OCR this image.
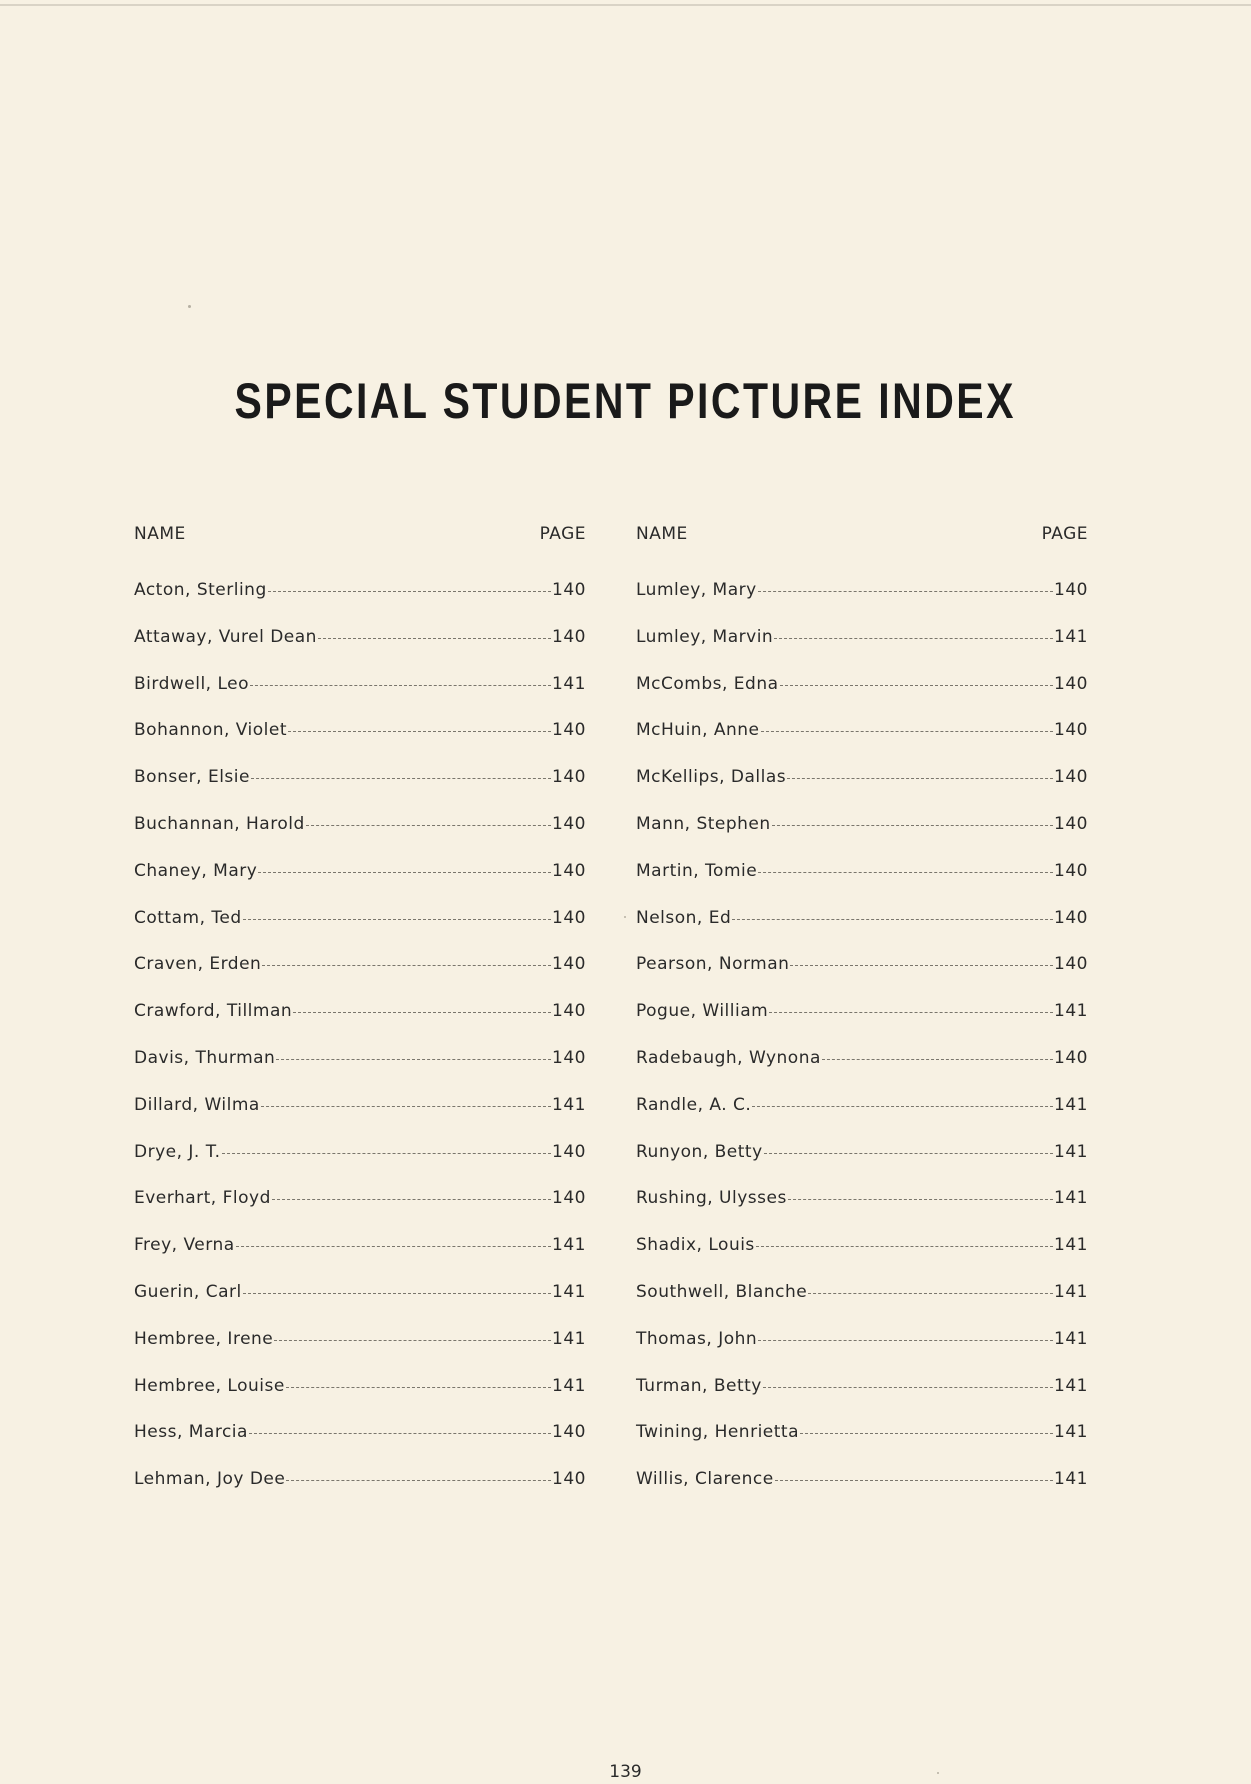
SPECIAL STUDENT PICTURE INDEX
NAME	PAGE
Acton, Sterling	140
Attaway, Vurel Dean	140
Birdwell, Leo	141
Bohannon, Violet	140
Bonser, Elsie	140
Buchannan, Harold	140
Chaney, Mary	140
Cottam, Ted	140
Craven, Erden	140
Crawford, Tillman	140
Davis, Thurman	140
Dillard, Wilma	141
Drye, J. T.	140
Everhart, Floyd	140
Frey, Verna	141
Guerin, Carl	141
Hembree, Irene	141
Hembree, Louise	141
Hess, Marcia	140
Lehman, Joy Dee	140
NAME	PAGE
Lumley, Mary	140
Lumley, Marvin	141
McCombs, Edna	140
McHuin, Anne	140
McKellips, Dallas	140
Mann, Stephen	140
Martin, Tomie	140
Nelson, Ed	140
Pearson, Norman	140
Pogue, William	141
Radebaugh, Wynona	140
Randle, A. C.	141
Runyon, Betty	141
Rushing, Ulysses	141
Shadix, Louis	141
Southwell, Blanche	141
Thomas, John	141
Turman, Betty	141
Twining, Henrietta	141
Willis, Clarence	141
139
